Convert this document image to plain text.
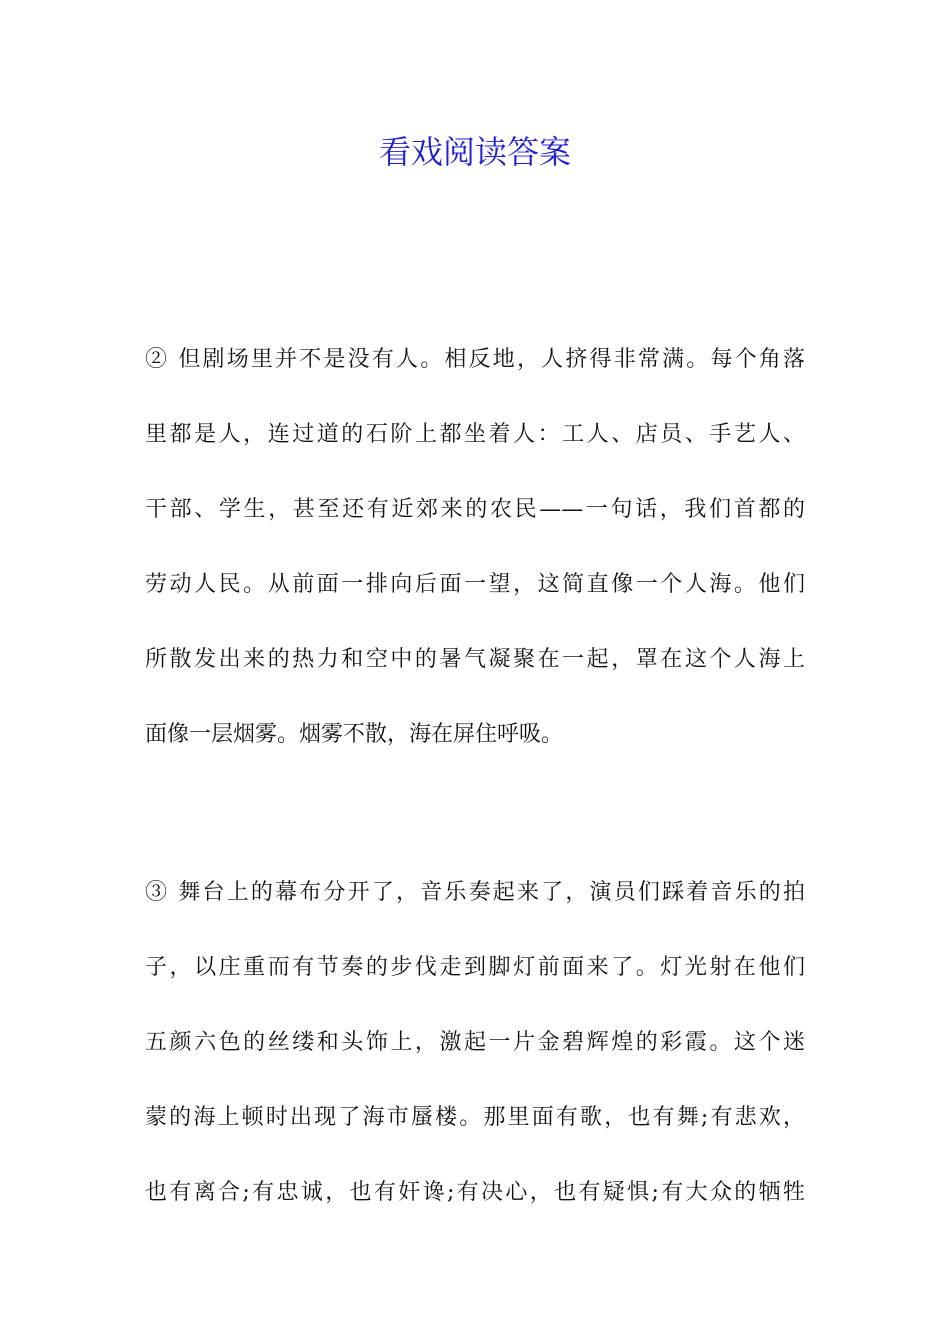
看戏阅读答案
② 但剧场里并不是没有人。相反地，人挤得非常满。每个角落
里都是人，连过道的石阶上都坐着人：工人、店员、手艺人、
干部、学生，甚至还有近郊来的农民——一句话，我们首都的
劳动人民。从前面一排向后面一望，这简直像一个人海。他们
所散发出来的热力和空中的暑气凝聚在一起，罩在这个人海上
面像一层烟雾。烟雾不散，海在屏住呼吸。
③ 舞台上的幕布分开了，音乐奏起来了，演员们踩着音乐的拍
子，以庄重而有节奏的步伐走到脚灯前面来了。灯光射在他们
五颜六色的丝缕和头饰上，激起一片金碧辉煌的彩霞。这个迷
蒙的海上顿时出现了海市蜃楼。那里面有歌，也有舞;有悲欢，
也有离合;有忠诚，也有奸谗;有决心，也有疑惧;有大众的牺牲
